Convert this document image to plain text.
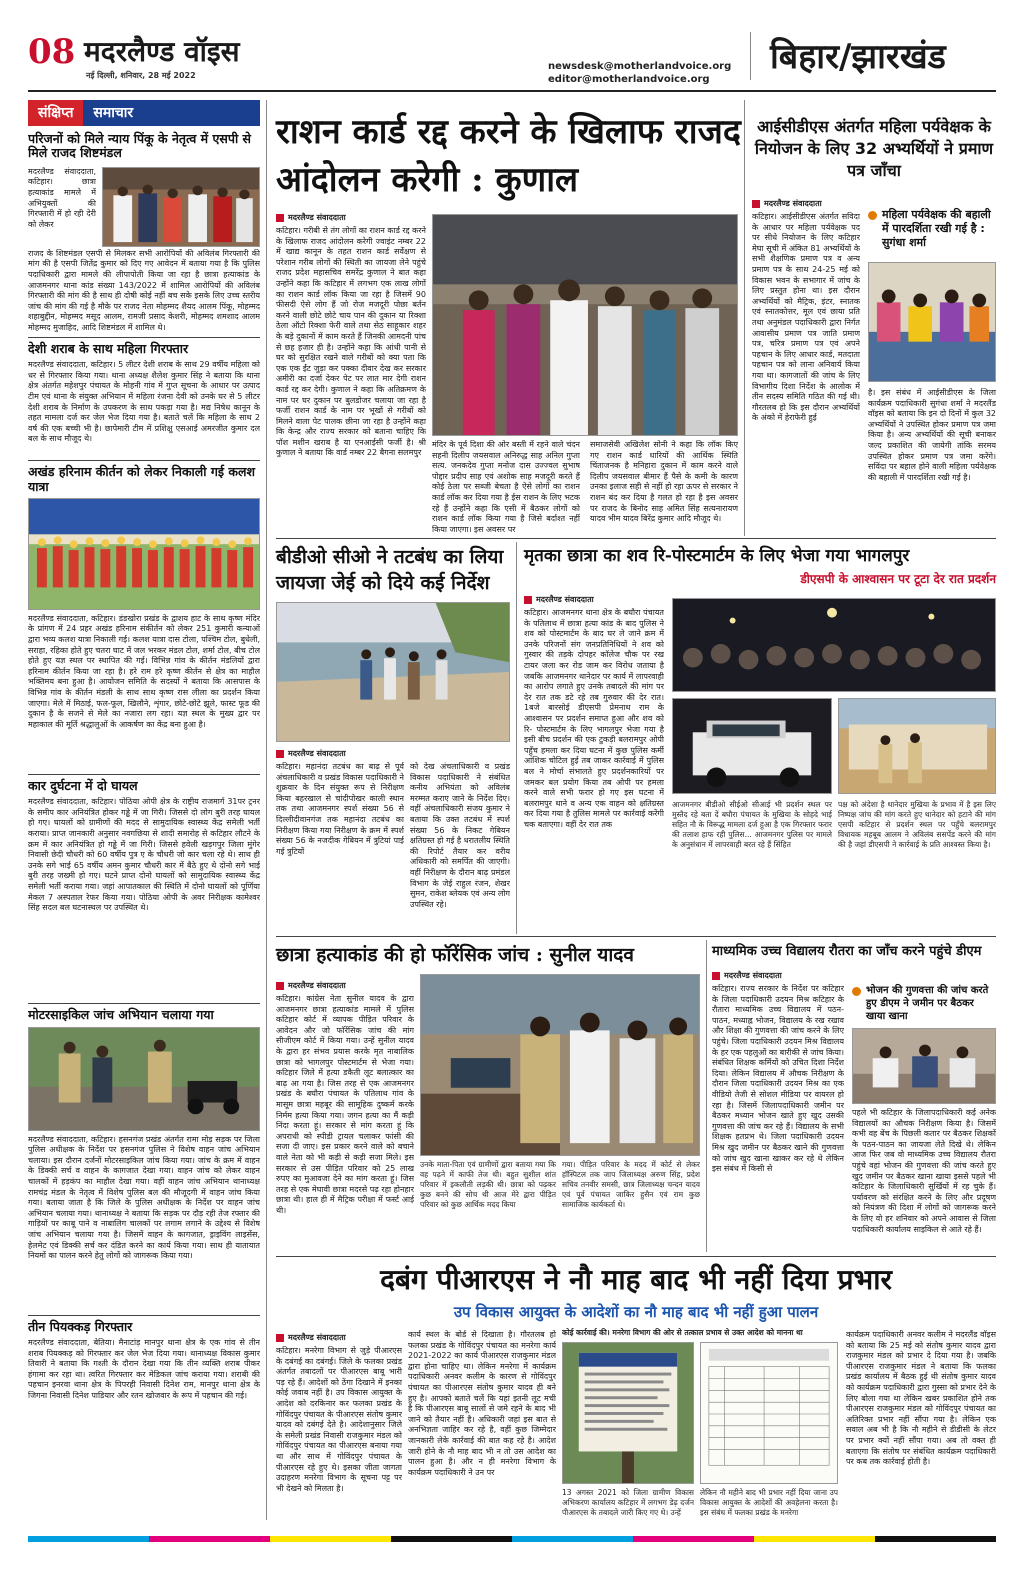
08 मदरलैण्ड वॉइस
नई दिल्ली, शनिवार, 28 मई 2022
newsdesk@motherlandvoice.org
editor@motherlandvoice.org
बिहार/झारखंड
संक्षिप्त	समाचार
परिजनों को मिले न्याय पिंकू के नेतृत्व में एसपी से मिले राजद शिष्टमंडल
मदरलैण्ड संवाददाता, कटिहार। छात्रा हत्याकांड मामले में अभियुक्तों की गिरफ्तारी में हो रही देरी को लेकर
राजद के शिष्टमंडल एसपी से मिलकर सभी आरोपियों की अविलंब गिरफ्तारी की मांग की है एसपी जितेंद्र कुमार को दिए गए आवेदन में बताया गया है कि पुलिस पदाधिकारी द्वारा मामले की लीपापोती किया जा रहा है छात्रा हत्याकांड के आजमनगर थाना कांड संख्या 143/2022 में शामिल आरोपियों की अविलंब गिरफ्तारी की मांग की है साथ ही दोषी कोई नहीं बच सके इसके लिए उच्च स्तरीय जांच की मांग की गई है मौके पर राजद नेता मोहम्मद शैयद आलम पिंकू, मोहम्मद शहाबुद्दीन, मोहम्मद मसूद आलम, रामजी प्रसाद केशरी, मोहम्मद शमशाद आलम मोहम्मद मुजाहिद, आदि शिष्टमंडल में शामिल थे।
देशी शराब के साथ महिला गिरफ्तार
मदरलैण्ड संवाददाता, कटिहार। 5 लीटर देशी शराब के साथ 29 वर्षीय महिला को धर से गिरफ्तार किया गया। थाना अध्यक्ष शैलेश कुमार सिंह ने बताया कि थाना क्षेत्र अंतर्गत महेशपुर पंचायत के मोहनी गांव में गुप्त सूचना के आधार पर उत्पाद टीम एवं थाना के संयुक्त अभियान में महिला रंजना देवी को उनके घर से 5 लीटर देशी शराब के निर्माण के उपकरण के साथ पकड़ा गया है। मद्य निषेध कानून के तहत मामला दर्ज कर जेल भेज दिया गया है। बताते चलें कि महिला के साथ 2 वर्ष की एक बच्ची भी है। छापेमारी टीम में प्रशिक्षु एसआई अमरजीत कुमार दल बल के साथ मौजूद थे।
अखंड हरिनाम कीर्तन को लेकर निकाली गई कलश यात्रा
मदरलैण्ड संवाददाता, कटिहार। डंडखोरा प्रखंड के द्वाशय हाट के साथ कृष्ण मंदिर के प्रांगण में 24 प्रहर अखंड हरिनाम संकीर्तन को लेकर 251 कुमारी कन्याओं द्वारा भव्य कलश यात्रा निकाली गई। कलश यात्रा दास टोला, पश्चिम टोल, बुधेली, सराहा, रहिका होते हुए चतरा घाट में जल भरकर मंडल टोल, शर्मा टोल, बीच टोल होते हुए यज्ञ स्थल पर स्थापित की गई। विभिन्न गांव के कीर्तन मंडलियों द्वारा हरिनाम कीर्तन किया जा रहा है। हरे राम हरे कृष्ण कीर्तन से क्षेत्र का माहौल भक्तिमय बना हुआ है। आयोजन समिति के सदस्यों ने बताया कि आसपास के विभिन्न गांव के कीर्तन मंडली के साथ साथ कृष्ण रास लीला का प्रदर्शन किया जाएगा। मेले में मिठाई, फल-फूल, खिलौने, शृंगार, छोटे-छोटे झूले, फास्ट फूड की दुकान है के सजने से मेले का नजारा लग रहा। यज्ञ स्थल के मुख्य द्वार पर महाकाल की मूर्ति श्रद्धालुओं के आकर्षण का केंद्र बना हुआ है।
कार दुर्घटना में दो घायल
मदरलैण्ड संवाददाता, कटिहार। पोठिया ओपी क्षेत्र के राष्ट्रीय राजमार्ग 31पर ट्रनर के समीप कार अनियंत्रित होकर गड्ढे में जा गिरी। जिससे दो लोग बुरी तरह घायल हो गए। घायलों को ग्रामीणों की मदद से सामुदायिक स्वास्थ्य केंद्र समेली भर्ती कराया। प्राप्त जानकारी अनुसार नवगछिया से शादी समारोह से कटिहार लौटने के क्रम में कार अनियंत्रित हो गड्ढे में जा गिरी। जिससे हवेली खड़गपुर जिला मुंगेर निवासी छेदी चौधरी को 60 वर्षीय पुत्र ए के चौधरी जो कार चला रहे थे। साथ ही उनके सगे भाई 65 वर्षीय अमन कुमार चौधरी कार में बैठे हुए थे दोनो सगे भाई बुरी तरह जख्मी हो गए। घटने प्राप्त दोनो घायलों को सामुदायिक स्वास्थ्य केंद्र समेली भर्ती कराया गया। जहां आपातकाल की स्थिति में दोनो घायलों को पूर्णिया मेकल 7 अस्पताल रेफर किया गया। पोठिया ओपी के अवर निरीक्षक कामेश्वर सिंह सदल बल घटनास्थल पर उपस्थित थे।
मोटरसाइकिल जांच अभियान चलाया गया
मदरलैण्ड संवाददाता, कटिहार। हसनगंज प्रखंड अंतर्गत रामा मोड़ सड़क पर जिला पुलिस अधीक्षक के निर्देश पर हसनगंज पुलिस ने विशेष वाहन जांच अभियान चलाया। इस दौरान दर्जनों मोटरसाइकिल जांच किया गया। जांच के क्रम में वाहन के डिक्की सर्च व वाहन के कागजात देखा गया। वाहन जांच को लेकर वाहन चालकों में हड़कंप का माहौल देखा गया। वहीं वाहन जांच अभियान थानाध्यक्ष रामचंद्र मंडल के नेतृत्व में विशेष पुलिस बल की मौजूदगी में वाहन जांच किया गया। बताया जाता है कि जिले के पुलिस अधीक्षक के निर्देश पर वाहन जांच अभियान चलाया गया। थानाध्यक्ष ने बताया कि सड़क पर दौड़ रही तेज रफ्तार की गाड़ियों पर काबू पाने व नाबालिग चालकों पर लगाम लगाने के उद्देश्य से विशेष जांच अभियान चलाया गया है। जिसमें वाहन के कागजात, ड्राइविंग लाइसेंस, हेलमेट एवं डिक्की सर्च कर दंडित करने का कार्य किया गया। साथ ही यातायात नियमों का पालन करने हेतु लोगों को जागरूक किया गया।
तीन पियक्कड़ गिरफ्तार
मदरलैण्ड संवाददाता, बेतिया। मैनाटांड़ मानपुर थाना क्षेत्र के एक गांव से तीन शराब पियक्कड़ को गिरफ्तार कर जेल भेज दिया गया। थानाध्यक्ष विकास कुमार तिवारी ने बताया कि गश्ती के दौरान देखा गया कि तीन व्यक्ति शराब पीकर हंगामा कर रहा था। त्वरित गिरफ्तार कर मेडिकल जांच कराया गया। शराबी की पहचान इनरवा थाना क्षेत्र के पिपरही निवासी दिनेश राम, मानपुर थाना क्षेत्र के जिगना निवासी दिनेश पाडियार और रतन खोजवार के रूप में पहचान की गई।
राशन कार्ड रद्द करने के खिलाफ राजद आंदोलन करेगी : कुणाल
मदरलैण्ड संवाददाता
कटिहार। गरीबी से तंग लोगों का राशन कार्ड रद्द करने के खिलाफ राजद आंदोलन करेगी ज्वाइंट नम्बर 22 में खाद्य कानून के तहत राशन कार्ड सर्वेक्षण से परेशान गरीब लोगों की स्थिती का जायजा लेने पहुंचे राजद प्रदेश महासचिव समरेंद्र कुणाल ने बात कहा उन्होंने कहा कि कटिहार में लगभग एक लाख लोगों का राशन कार्ड लॉक किया जा रहा है जिसमें 90 फीसदी ऐसे लोग हैं जो रोज मजदूरी पोछा बर्तन करने वाली छोटे छोटे चाय पान की दुकान या रिक्शा ठेला ऑटो रिक्शा फेरी वाले तथा सेठ साहूकार शहर के बड़े दुकानों में काम करते हैं जिनकी आमदनी पांच से छह हजार ही है। उन्होंने कहा कि आंधी पानी से घर को सुरक्षित रखने वाले गरीबों को क्या पता कि एक एक ईंट जुड़ा कर पक्का दीवार देख कर सरकार अमीरी का दर्जा देकर पेट पर लात मार देगी राशन कार्ड रद्द कर देगी। कुणाल ने कहा कि अतिक्रमण के नाम पर घर दुकान पर बुलडोजर चलाया जा रहा है फर्जी राशन कार्ड के नाम पर भूखों से गरीबों को मिलने वाला पेट पालक छीना जा रहा है उन्होंने कहा कि केन्द्र और राज्य सरकार को बताना चाहिए कि पॉश मशीन खराब है या एनआईसी फर्जी है। श्री कुणाल ने बताया कि वार्ड नम्बर 22 बैगना सलमपुर
मंदिर के पूर्व दिशा की ओर बस्ती में रहने वाले चंदन सहनी दिलीप जयसवाल अनिरुद्ध साह अनिल गुप्ता सत्य. जनकदेव गुप्ता मनोज दास उज्ज्वल सुभाष पोद्दार प्रदीप साह एवं अशोक साह मजदूरी करते हैं कोई ठेला पर सब्जी बेचता है ऐसे लोगों का राशन कार्ड लॉक कर दिया गया है ईस राशन के लिए भटक रहे हैं उन्होंने कहा कि एसी में बैठकर लोगों को राशन कार्ड लॉक किया गया है जिसे बर्दाश्त नहीं किया जाएगा। इस अवसर पर
समाजसेवी अखिलेश सोनी ने कहा कि लॉक किए गए राशन कार्ड धारियों की आर्थिक स्थिति चिंताजनक है मनिहारा दुकान में काम करने वाले दिलीप जयसवाल बीमार हैं पैसे के कमी के कारण उनका इलाज सही से नहीं हो रहा ऊपर से सरकार ने राशन बंद कर दिया है गलत हो रहा है इस अवसर पर राजद के बिनोद साह अमित सिंह सत्यनारायण यादव भीम यादव बिरेंद्र कुमार आदि मौजूद थे।
आईसीडीएस अंतर्गत महिला पर्यवेक्षक के नियोजन के लिए 32 अभ्यर्थियों ने प्रमाण पत्र जाँचा
मदरलैण्ड संवाददाता
कटिहार। आईसीडीएस अंतर्गत सविदा के आधार पर महिला पर्यवेक्षक पद पर सीधे नियोजन के लिए कटिहार मेघा सूची में अंकित 81 अभ्यर्थियों के सभी शैक्षणिक प्रमाण पत्र व अन्य प्रमाण पत्र के साथ 24-25 मई को विकास भवन के सभागार में जांच के लिए प्रस्तुत होना था। इस दौरान अभ्यर्थियों को मैट्रिक, इंटर, स्नातक एवं स्नातकोत्तर, मूल एवं छाया प्रति तथा अनुमंडल पदाधिकारी द्वारा निर्गत आवासीय प्रमाण पत्र जाति प्रमाण पत्र, चरित्र प्रमाण पत्र एवं अपने पहचान के लिए आधार कार्ड, मतदाता पहचान पत्र को लाना अनिवार्य किया गया था। कागजातों की जांच के लिए विभागीय दिशा निर्देश के आलोक में तीन सदस्य समिति गठित की गई थी। गौरतलब हो कि इस दौरान अभ्यर्थियों के अंको में हेराफेरी हुई
महिला पर्यवेक्षक की बहाली में पारदर्शिता रखी गई है : सुगंधा शर्मा
है। इस संबंध में आईसीडीएस के जिला कार्यक्रम पदाधिकारी सुगंधा शर्मा ने मदरलैंड वॉइस को बताया कि इन दो दिनों में कुल 32 अभ्यर्थियों ने उपस्थित होकर प्रमाण पत्र जमा किया है। अन्य अभ्यर्थियों की सूची बनाकर जल्द प्रकाशित की जायेगी तांकि सरमय उपस्थित होकर प्रमाण पत्र जमा करेंगे। सविंदा पर बहाल होने वाली महिला पर्यवेक्षक की बहाली में पारदर्शिता रखी गई है।
बीडीओ सीओ ने तटबंध का लिया जायजा जेई को दिये कई निर्देश
मदरलैण्ड संवाददाता
कटिहार। महानंदा तटबंध का बाढ़ से पूर्व अंचलाधिकारी व प्रखंड विकास पदाधिकारी ने शुक्रवार के दिन संयुक्त रूप से निरीक्षण किया बहरखाल से चांदीपोखर काली स्थान तक तथा आजमनगर स्पर्श संख्या 56 से दिल्लीदीवानगंज तक महानंदा तटबंध का निरीक्षण किया गया निरीक्षण के क्रम में स्पर्श संख्या 56 के नजदीक गेबियन में त्रुटियां पाई गई त्रुटियों
को देख अंचलाधिकारी व प्रखंड विकास पदाधिकारी ने संबंधित कनीय अभियंता को अविलंब मरम्मत कराए जाने के निर्देश दिए। वहीं अंचलाधिकारी संजय कुमार ने बताया कि उक्त तटबंध में स्पर्श संख्या 56 के निकट गेबियन क्षतिग्रस्त हो गई है धरातलीय स्थिति की रिपोर्ट तैयार कर वरीय अधिकारी को समर्पित की जाएगी। वहीं निरीक्षण के दौरान बाढ़ प्रमंडल विभाग के जेई राहुल रंजन, शेखर सुमन, राकेश ब्लेयक एवं अन्य लोग उपस्थित रहे।
मृतका छात्रा का शव रि-पोस्टमार्टम के लिए भेजा गया भागलपुर
डीएसपी के आश्वासन पर टूटा देर रात प्रदर्शन
मदरलैण्ड संवाददाता
कटिहार। आजमनगर थाना क्षेत्र के बघौरा पंचायत के पतिलाथ में छात्रा हत्या कांड के बाद पुलिस ने शव को पोस्टमार्टम के बाद घर ले जाने क्रम में उनके परिजनों संग जनप्रतिनिधियों ने शव को गुस्वार की तड़के दोपहर कॉलेज चौक पर रख टायर जला कर रोड जाम कर विरोध जताया है जबकि आजमनगर थानेदार पर कार्य में लापरवाही का आरोप लगाते हुए उनके तबादले की मांग पर देर रात तक डटे रहे तब गुरुवार की देर रात। 1बजे बारसोई डीएसपी प्रेमनाथ राम के आश्वासन पर प्रदर्शन समाप्त हुआ और शव को रि- पोस्टमार्टम के लिए भागलपुर भेजा गया है इसी बीच प्रदर्शन की एक टुकड़ी बलरामपुर ओपी पहुँच हमला कर दिया घटना में कुछ पुलिस कर्मी आंशिक चोटिल हुई तब जाकर कार्रवाई में पुलिस बल ने मोर्चा संभालते हुए प्रदर्शनकारियों पर जमकर बल प्रयोग किया तब ओपी पर हमला करने वाले सभी फरार हो गए इस घटना में बलरामपुर थाने व अन्य एक वाहन को क्षतिग्रस्त कर दिया गया है तुलिस मामले पर कार्रवाई करेंगी चक बताएगा। वहीं देर रात तक
आजमनगर बीडीओ सीईओ सीआई भी प्रदर्शन स्थल पर मुस्तैद रहे बता दें बघौरा पंचायत के मुखिया के सोहदे भाई सहित नौ के विरूद्ध मामला दर्ज हुआ है एक गिरफ्तार फरार की तलाश हाफ रही पुलिस... आजमनगर पुलिस पर मामले के अनुसंधान में लापरवाही बरत रहे हैं सिंहित
पक्ष को अंदेशा है थानेदार मुखिया के प्रभाव में है इस लिए निष्पक्ष जांच की मांग करते हुए थानेदार को हटाने की मांग एसपी कटिहार से प्रदर्शन स्थल पर पहुँचे बलरामपुर विधायक महबूब आलम ने अविलंब ससपेंड करने की मांग की है जहां डीएसपी ने कार्रवाई के प्रति आश्वस्त किया है।
छात्रा हत्याकांड की हो फॉरेंसिक जांच : सुनील यादव
मदरलैण्ड संवाददाता
कटिहार। कांग्रेस नेता सुनील यादव के द्वारा आजमनगर छात्रा हत्याकांड मामले में पुलिस कटिहार कोर्ट में व्यापक पीड़ित परिवार के आवेदन और जो फॉरेंसिक जांच की मांग सीजीएम कोर्ट में किया गया। उन्हें सुनील यादव के द्वारा हर संभव प्रयास करके मृत नाबालिक छात्रा को भागलपुर पोस्टमार्टम से भेजा गया। कटिहार जिले में हत्या डकैती लूट बलात्कार का बाढ़ आ गया है। जिस तरह से एक आजमनगर प्रखंड के बघौरा पंचायत के पतिलाथ गांव के मासूम छात्रा महबूर की सामूहिक दुष्कर्म करके निर्मम हत्या किया गया। जगन हत्या का मैं कड़ी निंदा करता हूं। सरकार से मांग करता हूं कि अपराधी को स्पीडी ट्रायल चलाकर फांसी की सजा दी जाए। इस प्रकार करने वाले को बचाने वाले नेता को भी कड़ी से कड़ी सजा मिले। इस सरकार से उस पीड़ित परिवार को 25 लाख रुपए का मुआवजा देने का मांग करता हूं। जिस तरह से एक मेघावी छात्रा मदरसे पढ़ रहा होनहार छात्रा थी। हाल ही में मैट्रिक परीक्षा में फर्स्ट आई थी।
उनके माता-पिता एवं ग्रामीणों द्वारा बताया गया कि वह पढ़ने में काफी तेज थी। बहुत सुशील शांत परिवार में इकलौती लड़की थी। छात्रा को पढ़कर कुछ बनने की सोच थी आज मेरे द्वारा पीड़ित परिवार को कुछ आर्थिक मदद किया
गया। पीड़ित परिवार के मदद में कोर्ट से लेकर हॉस्पिटल तक जाप जिलाध्यक्ष अरुण सिंह, प्रदेश सचिव तनवीर समसी, छात्र जिलाध्यक्ष चन्दन यादव एवं पूर्व पंचायत जाकिर हुसैन एवं राम कुछ सामाजिक कार्यकर्ता थे।
माध्यमिक उच्च विद्यालय रौतरा का जाँच करने पहुंचे डीएम
मदरलैण्ड संवाददाता
कटिहार। राज्य सरकार के निर्देश पर कटिहार के जिला पदाधिकारी उदयन मिश्र कटिहार के रौतारा माध्यमिक उच्च विद्यालय में पठन-पाठन, मध्याह्न भोजन, विद्यालय के रख रखाव और शिक्षा की गुणवत्ता की जांच करने के लिए पहुंचे। जिला पदाधिकारी उदयन मिश्र विद्यालय के हर एक पहलुओं का बारीकी से जांच किया। संबंधित शिक्षक कर्मियों को उचित दिशा निर्देश दिया। लेकिन विद्यालय में औचक निरीक्षण के दौरान जिला पदाधिकारी उदयन मिश्र का एक वीडियो तेजी से सोशल मीडिया पर वायरल हो रहा है। जिसमें जिलापदाधिकारी जमीन पर बैठकर मध्यान भोजन खाते हुए खुद उसकी गुणवत्ता की जांच कर रहे हैं। विद्यालय के सभी शिक्षक हतप्रभ थे। जिला पदाधिकारी उदयन मिश्र खुद जमीन पर बैठकर खाने की गुणवत्ता को जांच खुद खाना खाकर कर रहे थे लेकिन इस संबंध में किसी से
भोजन की गुणवत्ता की जांच करते हुए डीएम ने जमीन पर बैठकर खाया खाना
पहले भी कटिहार के जिलापदाधिकारी कई अनेक विद्यालयों का औचक निरीक्षण किया है। जिसमें कभी वह बेंच के पिछली कतार पर बैठकर शिक्षकों के पठन-पाठन का जायजा लेते दिखे थे। लेकिन आज फिर जब वो माध्यमिक उच्च विद्यालय रौतरा पहुंचे वहां भोजन की गुणवत्ता की जांच करते हुए खुद जमीन पर बैठकर खाना खाया इससे पहले भी कटिहार के जिलाधिकारी सुर्खियों में रह चुके हैं। पर्यावरण को संरक्षित करने के लिए और प्रदूषण को नियंत्रण की दिशा में लोगों को जागरूक करने के लिए वो हर शनिवार को अपने आवास से जिला पदाधिकारी कार्यालय साइकिल से आते रहे हैं।
दबंग पीआरएस ने नौ माह बाद भी नहीं दिया प्रभार
उप विकास आयुक्त के आदेशों का नौ माह बाद भी नहीं हुआ पालन
मदरलैण्ड संवाददाता
कटिहार। मनरेगा विभाग से जुड़े पीआरएस के दबंगई का दबंगई। जिले के फलका प्रखंड अंतर्गत तबादलों पर पीआरएस बाबू भारी पड़ रहे हैं। आदेशों को ठेंगा दिखाने में इनका कोई जवाब नहीं है। उप विकास आयुक्त के आदेश को दरकिनार कर फलका प्रखंड के गोविंदपुर पंचायत के पीआरएस संतोष कुमार यादव को दबंगई देते है। आदेशानुसार जिले के समेली प्रखंड निवासी राजकुमार मंडल को गोविंदपुर पंचायत का पीआरएस बनाया गया था और साथ में गोविंदपुर पंचायत के पीआरएस रहे हुए थे। इसका जीता जागता उदाहरण मनरेगा विभाग के सूचना पट्ट पर भी देखने को मिलता है।
कार्य स्थल के बोर्ड से दिखाता है। गौरतलब हो फलका प्रखंड के गोविंदपुर पंचायत का मनरेगा कार्य 2021-2022 का कार्य पीआरएस राजकुमार मंडल द्वारा होना चाहिए था। लेकिन मनरेगा में कार्यक्रम पदाधिकारी अनवर कलीम के कारण से गोविंदपुर पंचायत का पीआरएस संतोष कुमार यादव ही बने हुए है। आपको बताते चलें कि यहां इतनी लूट मची है कि पीआरएस बाबू सालों से जमे रहने के बाद भी जाने को तैयार नहीं है। अधिकारी जहां इस बात से अनभिज्ञता जाहिर कर रहे है, वहीं कुछ जिम्मेदार जानकारी लेके कार्रवाई की बात कह रहे है। आदेश जारी होने के नौ माह बाद भी न तो उस आदेश का पालन हुआ है। और न ही मनरेगा विभाग के कार्यक्रम पदाधिकारी ने उन पर
कोई कार्रवाई की। मनरेगा विभाग की ओर से तत्काल प्रभाव से उक्त आदेश को मानना था
13 अगस्त 2021 को जिला ग्रामीण विकास अभिकरण कार्यालय कटिहार में लगभग डेढ़ दर्जन पीआरएस के तबादले जारी किए गए थे। उन्हें
लेकिन नौ महीने बाद भी प्रभार नहीं दिया जाना उप विकास आयुक्त के आदेशों की अवहेलना करता है। इस संबंध में फलका प्रखंड के मनरेगा
कार्यक्रम पदाधिकारी अनवर कलीम ने मदरलैंड वॉइस को बताया कि 25 मई को संतोष कुमार यादव द्वारा राजकुमार मंडल को प्रभार दे दिया गया है। जबकि पीआरएस राजकुमार मंडल ने बताया कि फलका प्रखंड कार्यालय में बैठक हुई थी संतोष कुमार यादव को कार्यक्रम पदाधिकारी द्वारा गुस्सा को प्रभार देने के लिए बोला गया था लेकिन खबर प्रकाशित होने तक पीआरएस राजकुमार मंडल को गोविंदपुर पंचायत का अतिरिक्त प्रभार नहीं सौंपा गया है। लेकिन एक सवाल अब भी है कि नौ महीने से डीडीसी के लेटर पर प्रभार क्यों नहीं सौंपा गया। अब तो वक्त ही बताएगा कि संतोष पर संबंधित कार्यक्रम पदाधिकारी पर कब तक कार्रवाई होती है।
